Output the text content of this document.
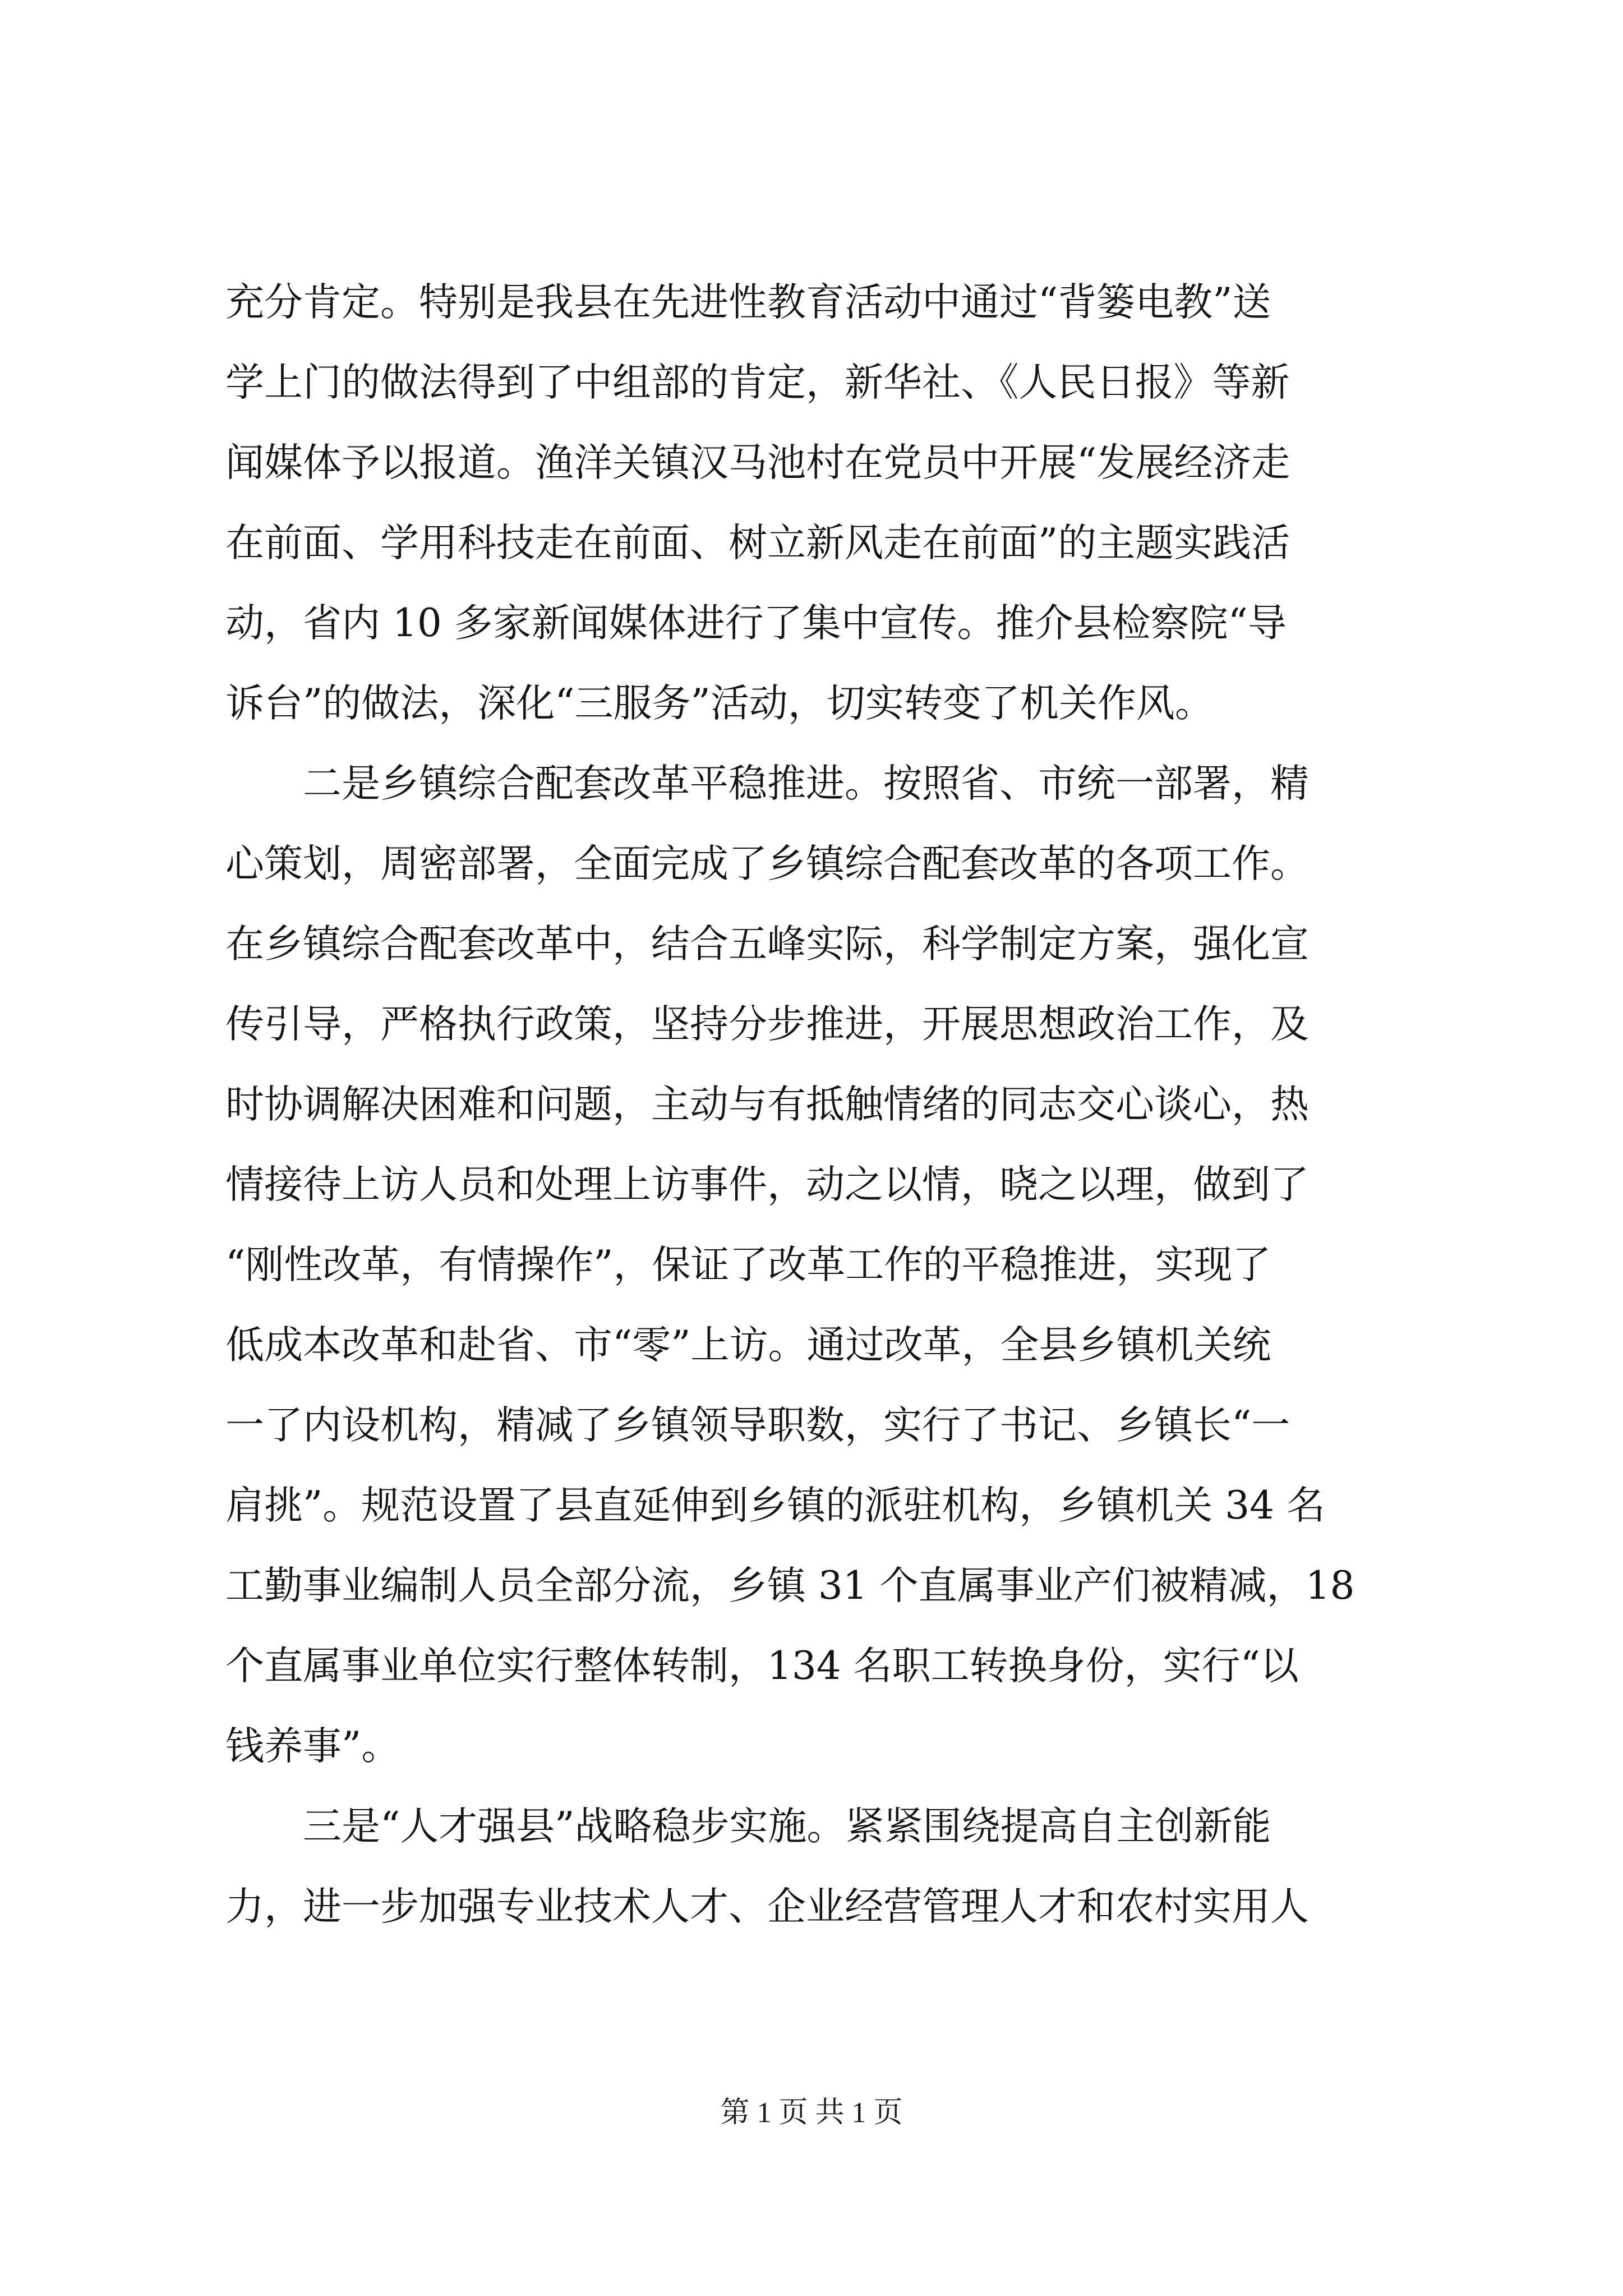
充分肯定。特别是我县在先进性教育活动中通过“背篓电教”送
学上门的做法得到了中组部的肯定，新华社、《人民日报》等新
闻媒体予以报道。渔洋关镇汉马池村在党员中开展“发展经济走
在前面、学用科技走在前面、树立新风走在前面”的主题实践活
动，省内 10 多家新闻媒体进行了集中宣传。推介县检察院“导
诉台”的做法，深化“三服务”活动，切实转变了机关作风。
　　二是乡镇综合配套改革平稳推进。按照省、市统一部署，精
心策划，周密部署，全面完成了乡镇综合配套改革的各项工作。
在乡镇综合配套改革中，结合五峰实际，科学制定方案，强化宣
传引导，严格执行政策，坚持分步推进，开展思想政治工作，及
时协调解决困难和问题，主动与有抵触情绪的同志交心谈心，热
情接待上访人员和处理上访事件，动之以情，晓之以理，做到了
“刚性改革，有情操作”，保证了改革工作的平稳推进，实现了
低成本改革和赴省、市“零”上访。通过改革，全县乡镇机关统
一了内设机构，精减了乡镇领导职数，实行了书记、乡镇长“一
肩挑”。规范设置了县直延伸到乡镇的派驻机构，乡镇机关 34 名
工勤事业编制人员全部分流，乡镇 31 个直属事业产们被精减，18
个直属事业单位实行整体转制，134 名职工转换身份，实行“以
钱养事”。
　　三是“人才强县”战略稳步实施。紧紧围绕提高自主创新能
力，进一步加强专业技术人才、企业经营管理人才和农村实用人
第 1 页 共 1 页
